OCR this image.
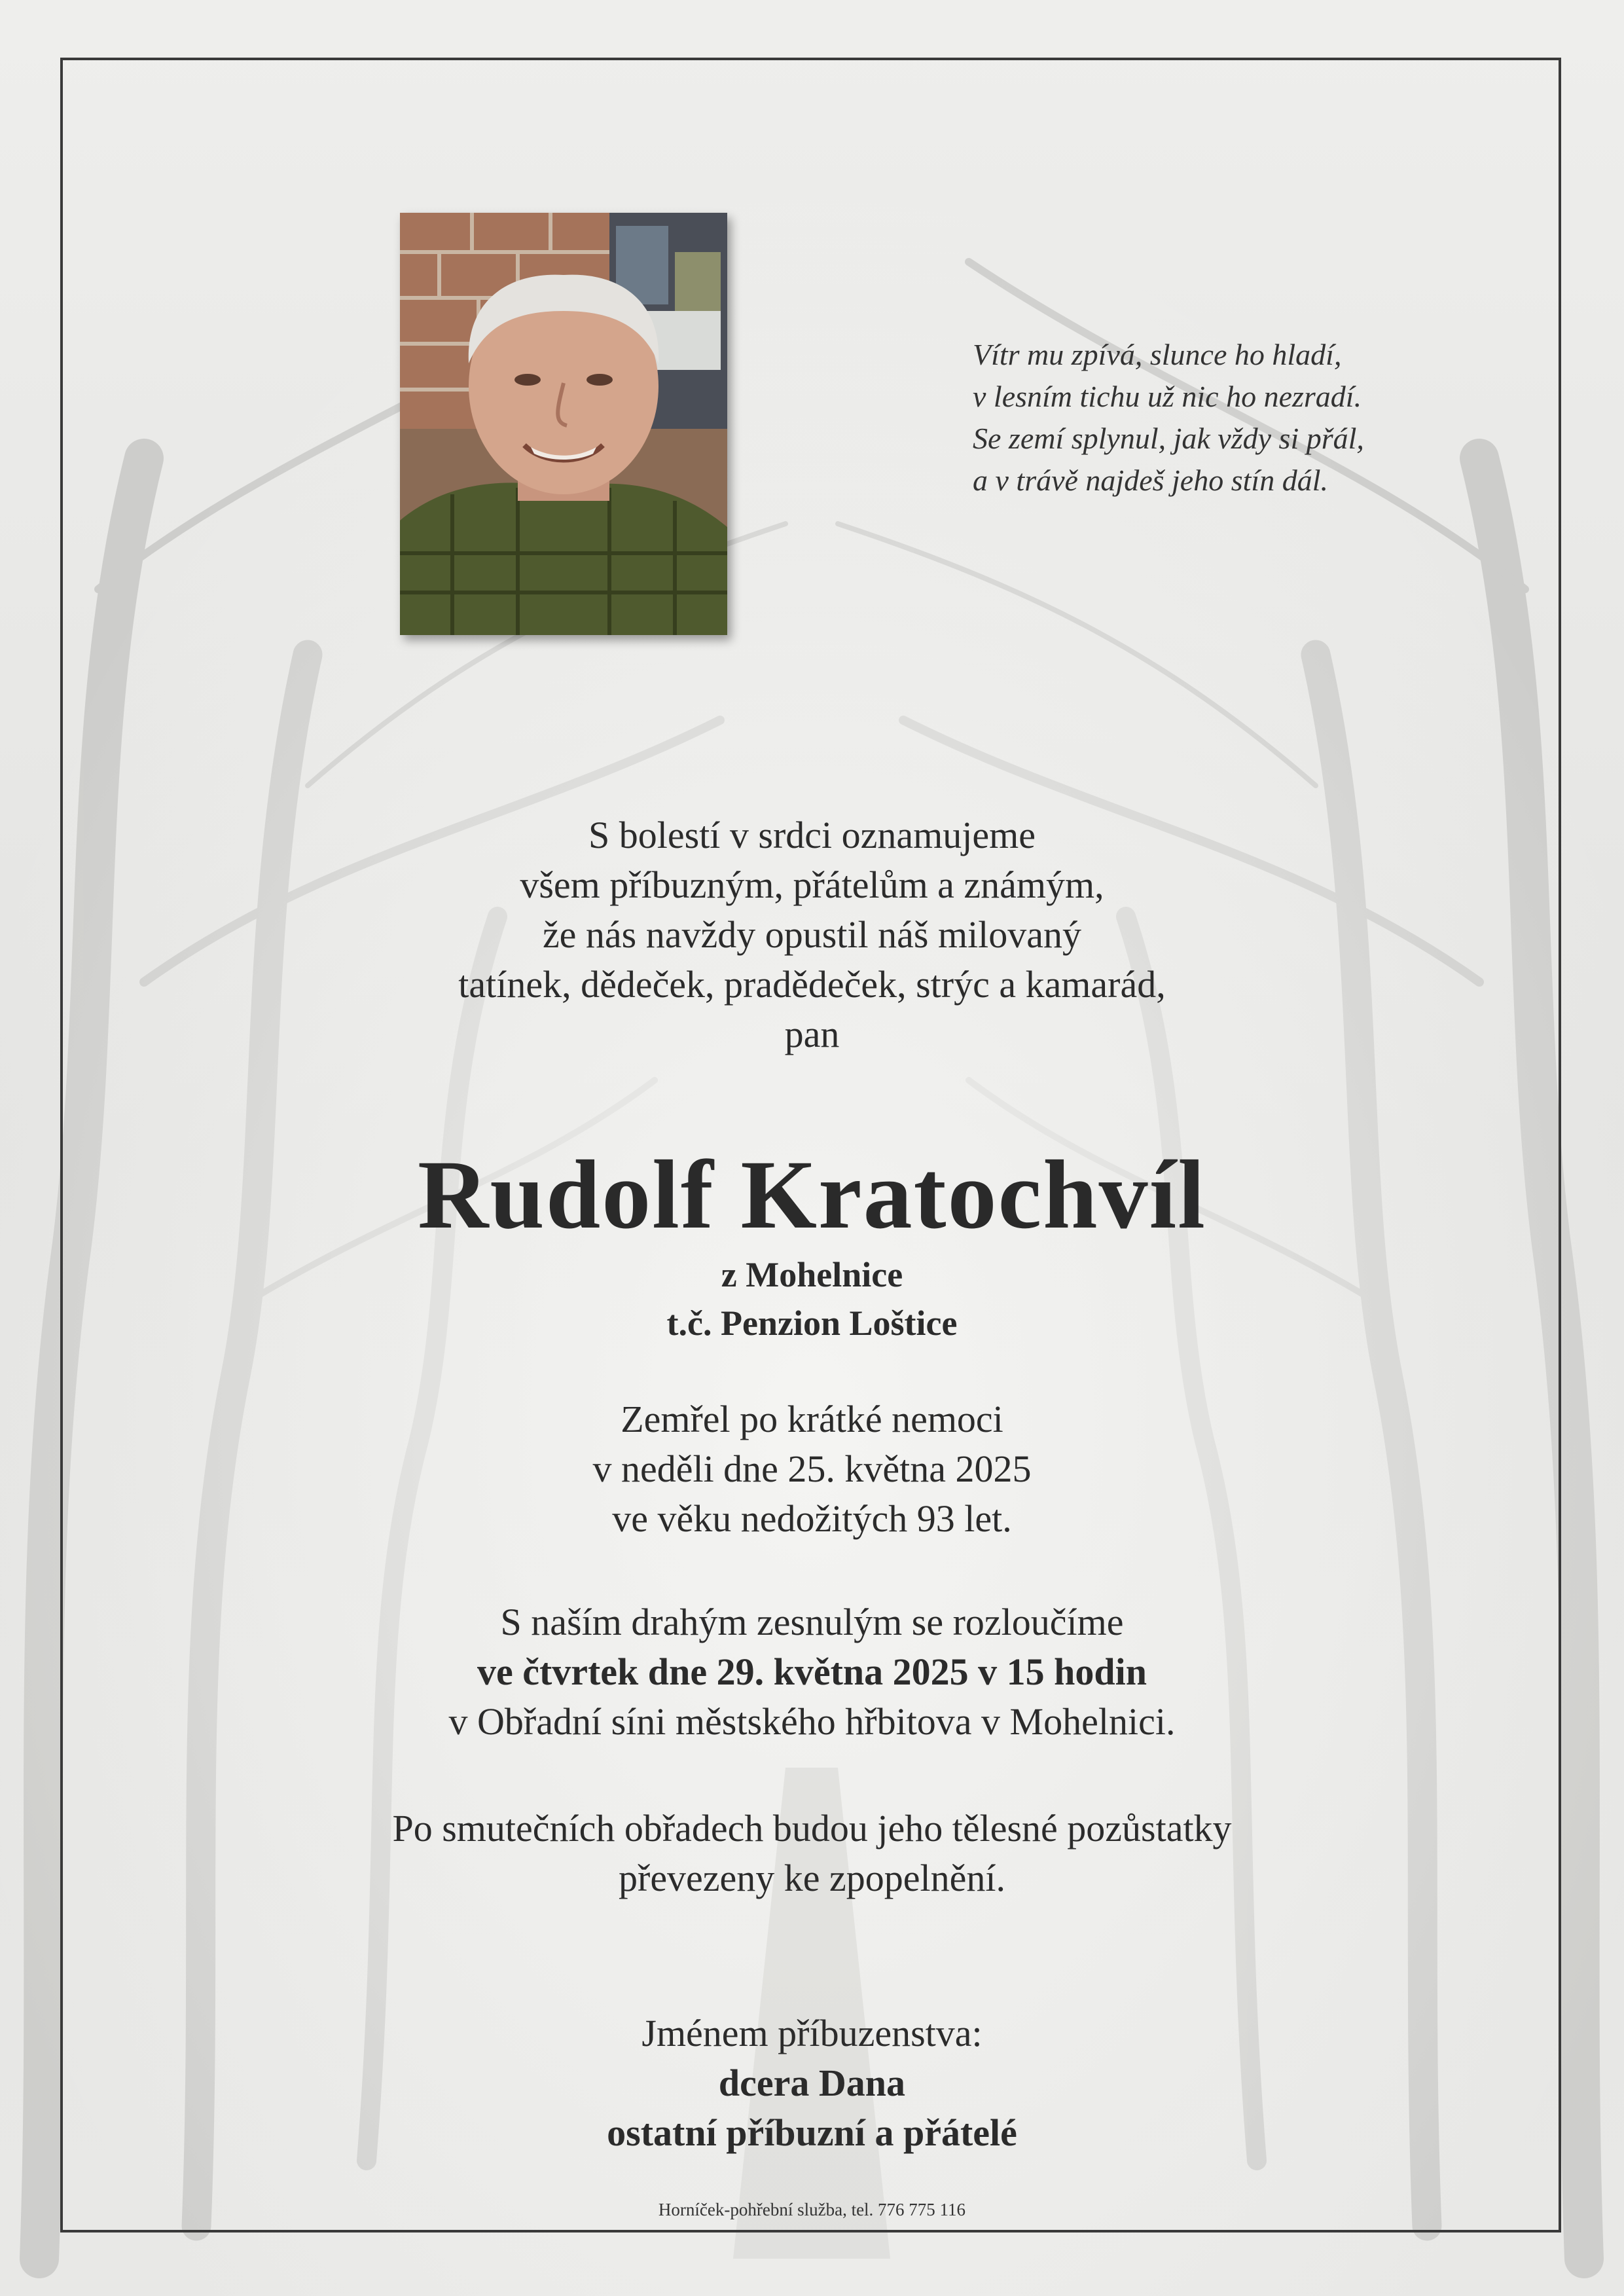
Vítr mu zpívá, slunce ho hladí,
v lesním tichu už nic ho nezradí.
Se zemí splynul, jak vždy si přál,
a v trávě najdeš jeho stín dál.
S bolestí v srdci oznamujeme
všem příbuzným, přátelům a známým,
že nás navždy opustil náš milovaný
tatínek, dědeček, pradědeček, strýc a kamarád,
pan
Rudolf Kratochvíl
z Mohelnice
t.č. Penzion Loštice
Zemřel po krátké nemoci
v neděli dne 25. května 2025
ve věku nedožitých 93 let.
S naším drahým zesnulým se rozloučíme
ve čtvrtek dne 29. května 2025 v 15 hodin
v Obřadní síni městského hřbitova v Mohelnici.
Po smutečních obřadech budou jeho tělesné pozůstatky
převezeny ke zpopelnění.
Jménem příbuzenstva:
dcera Dana
ostatní příbuzní a přátelé
Horníček-pohřební služba, tel. 776 775 116
